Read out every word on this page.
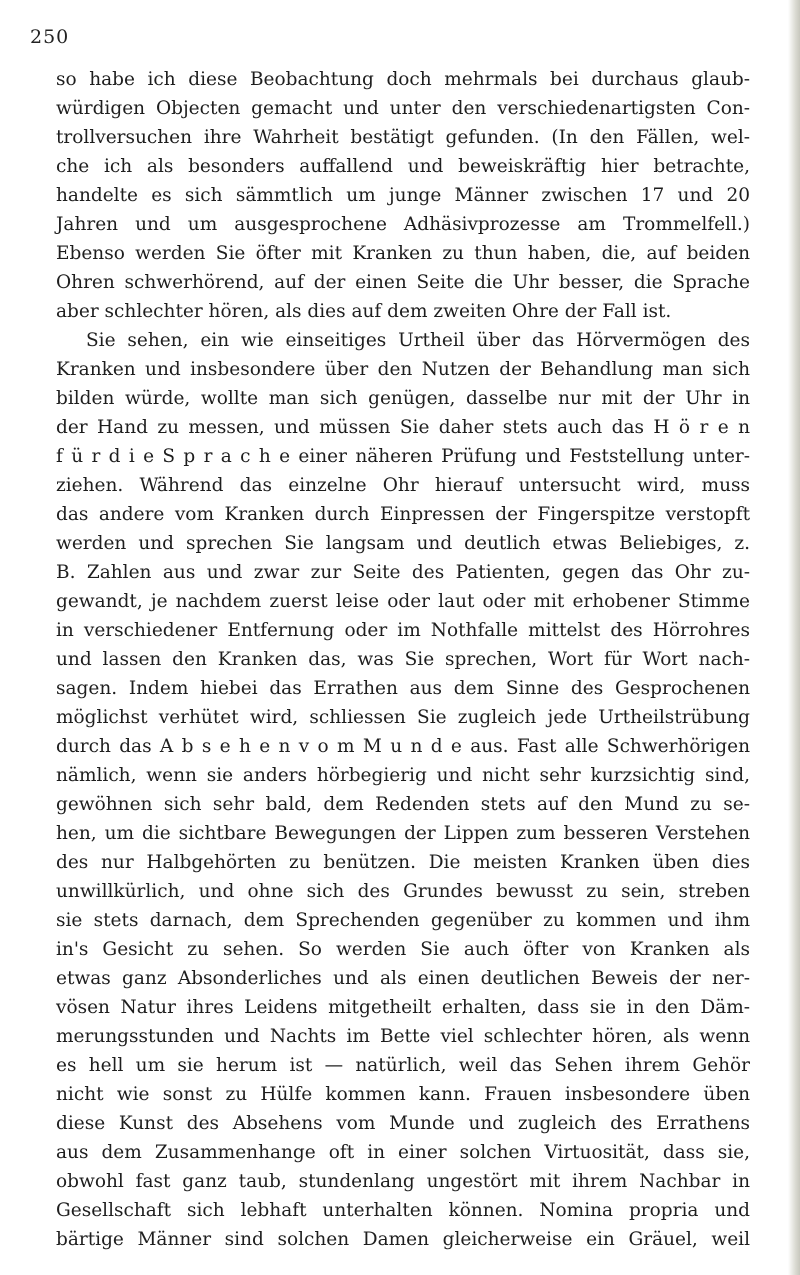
250
so habe ich diese Beobachtung doch mehrmals bei durchaus glaub-
würdigen Objecten gemacht und unter den verschiedenartigsten Con-
trollversuchen ihre Wahrheit bestätigt gefunden. (In den Fällen, wel-
che ich als besonders auffallend und beweiskräftig hier betrachte,
handelte es sich sämmtlich um junge Männer zwischen 17 und 20
Jahren und um ausgesprochene Adhäsivprozesse am Trommelfell.)
Ebenso werden Sie öfter mit Kranken zu thun haben, die, auf beiden
Ohren schwerhörend, auf der einen Seite die Uhr besser, die Sprache
aber schlechter hören, als dies auf dem zweiten Ohre der Fall ist.
Sie sehen, ein wie einseitiges Urtheil über das Hörvermögen des
Kranken und insbesondere über den Nutzen der Behandlung man sich
bilden würde, wollte man sich genügen, dasselbe nur mit der Uhr in
der Hand zu messen, und müssen Sie daher stets auch das H ö r e n
f ü r d i e S p r a c h e einer näheren Prüfung und Feststellung unter-
ziehen. Während das einzelne Ohr hierauf untersucht wird, muss
das andere vom Kranken durch Einpressen der Fingerspitze verstopft
werden und sprechen Sie langsam und deutlich etwas Beliebiges, z.
B. Zahlen aus und zwar zur Seite des Patienten, gegen das Ohr zu-
gewandt, je nachdem zuerst leise oder laut oder mit erhobener Stimme
in verschiedener Entfernung oder im Nothfalle mittelst des Hörrohres
und lassen den Kranken das, was Sie sprechen, Wort für Wort nach-
sagen. Indem hiebei das Errathen aus dem Sinne des Gesprochenen
möglichst verhütet wird, schliessen Sie zugleich jede Urtheilstrübung
durch das A b s e h e n v o m M u n d e aus. Fast alle Schwerhörigen
nämlich, wenn sie anders hörbegierig und nicht sehr kurzsichtig sind,
gewöhnen sich sehr bald, dem Redenden stets auf den Mund zu se-
hen, um die sichtbare Bewegungen der Lippen zum besseren Verstehen
des nur Halbgehörten zu benützen. Die meisten Kranken üben dies
unwillkürlich, und ohne sich des Grundes bewusst zu sein, streben
sie stets darnach, dem Sprechenden gegenüber zu kommen und ihm
in's Gesicht zu sehen. So werden Sie auch öfter von Kranken als
etwas ganz Absonderliches und als einen deutlichen Beweis der ner-
vösen Natur ihres Leidens mitgetheilt erhalten, dass sie in den Däm-
merungsstunden und Nachts im Bette viel schlechter hören, als wenn
es hell um sie herum ist — natürlich, weil das Sehen ihrem Gehör
nicht wie sonst zu Hülfe kommen kann. Frauen insbesondere üben
diese Kunst des Absehens vom Munde und zugleich des Errathens
aus dem Zusammenhange oft in einer solchen Virtuosität, dass sie,
obwohl fast ganz taub, stundenlang ungestört mit ihrem Nachbar in
Gesellschaft sich lebhaft unterhalten können. Nomina propria und
bärtige Männer sind solchen Damen gleicherweise ein Gräuel, weil
